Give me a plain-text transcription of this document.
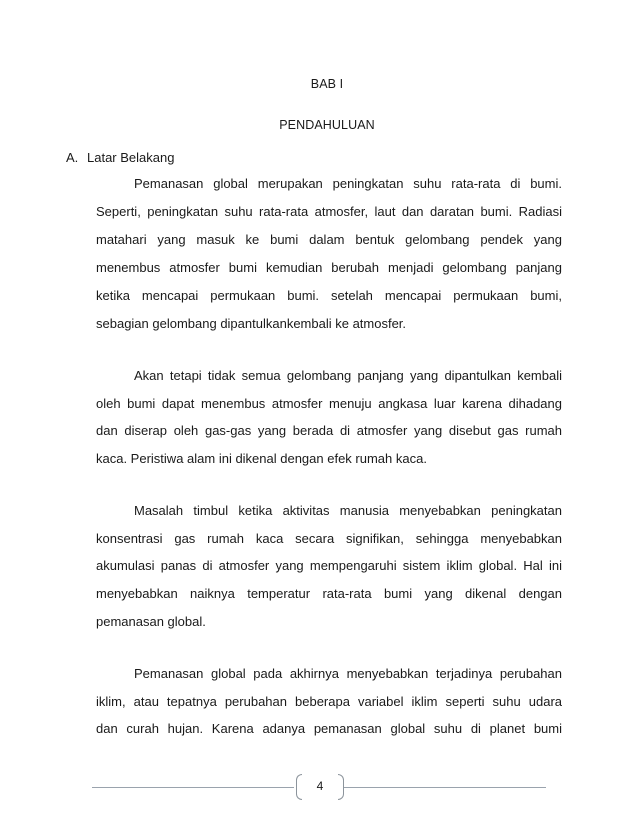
BAB I
PENDAHULUAN
A. Latar Belakang
Pemanasan global merupakan peningkatan suhu rata-rata di bumi.
Seperti, peningkatan suhu rata-rata atmosfer, laut dan daratan bumi. Radiasi
matahari yang masuk ke bumi dalam bentuk gelombang pendek yang
menembus atmosfer bumi kemudian berubah menjadi gelombang panjang
ketika mencapai permukaan bumi. setelah mencapai permukaan bumi,
sebagian gelombang dipantulkankembali ke atmosfer.
Akan tetapi tidak semua gelombang panjang yang dipantulkan kembali
oleh bumi dapat menembus atmosfer menuju angkasa luar karena dihadang
dan diserap oleh gas-gas yang berada di atmosfer yang disebut gas rumah
kaca. Peristiwa alam ini dikenal dengan efek rumah kaca.
Masalah timbul ketika aktivitas manusia menyebabkan peningkatan
konsentrasi gas rumah kaca secara signifikan, sehingga menyebabkan
akumulasi panas di atmosfer yang mempengaruhi sistem iklim global. Hal ini
menyebabkan naiknya temperatur rata-rata bumi yang dikenal dengan
pemanasan global.
Pemanasan global pada akhirnya menyebabkan terjadinya perubahan
iklim, atau tepatnya perubahan beberapa variabel iklim seperti suhu udara
dan curah hujan. Karena adanya pemanasan global suhu di planet bumi
4
